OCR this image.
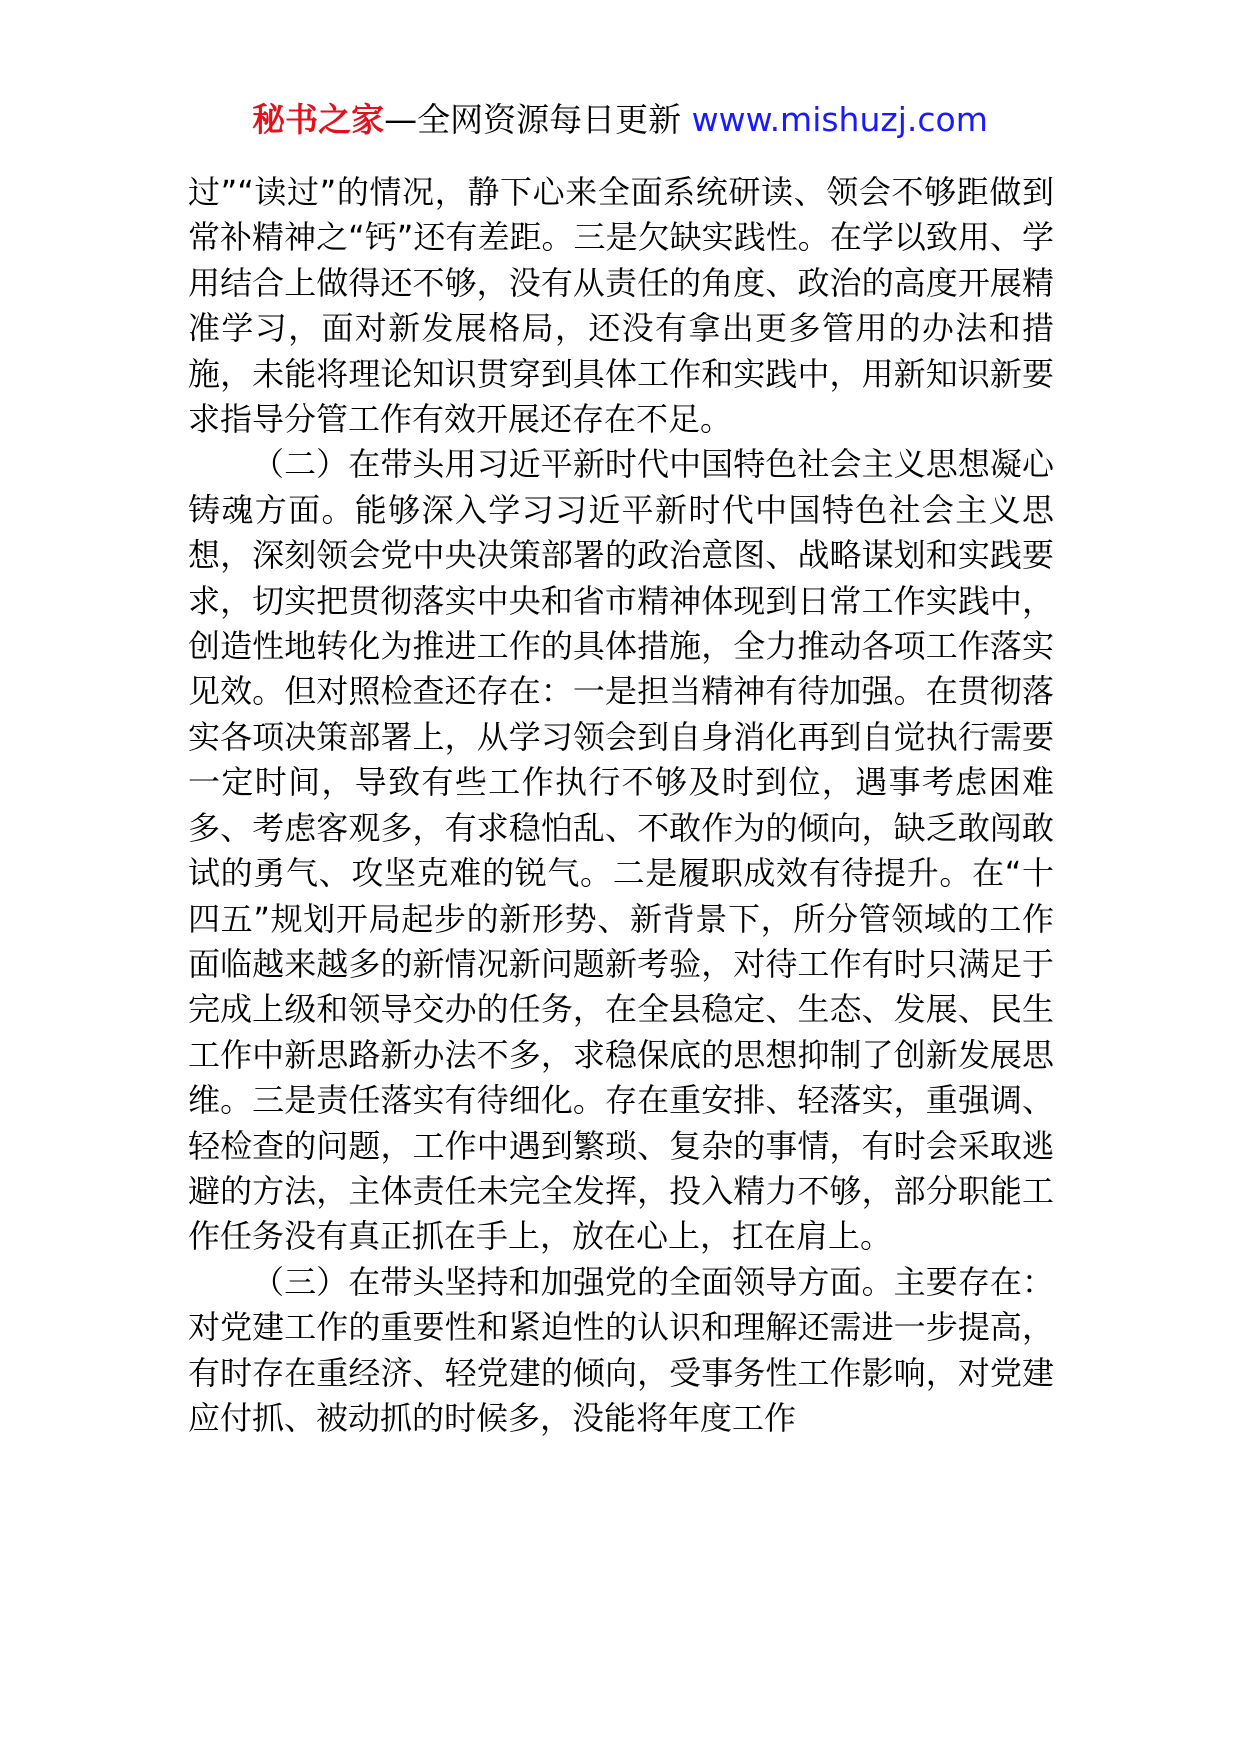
秘书之家—全网资源每日更新 www.mishuzj.com

过”“读过”的情况，静下心来全面系统研读、领会不够距做到常补精神之“钙”还有差距。三是欠缺实践性。在学以致用、学用结合上做得还不够，没有从责任的角度、政治的高度开展精准学习，面对新发展格局，还没有拿出更多管用的办法和措施，未能将理论知识贯穿到具体工作和实践中，用新知识新要求指导分管工作有效开展还存在不足。

（二）在带头用习近平新时代中国特色社会主义思想凝心铸魂方面。能够深入学习习近平新时代中国特色社会主义思想，深刻领会党中央决策部署的政治意图、战略谋划和实践要求，切实把贯彻落实中央和省市精神体现到日常工作实践中，创造性地转化为推进工作的具体措施，全力推动各项工作落实见效。但对照检查还存在：一是担当精神有待加强。在贯彻落实各项决策部署上，从学习领会到自身消化再到自觉执行需要一定时间，导致有些工作执行不够及时到位，遇事考虑困难多、考虑客观多，有求稳怕乱、不敢作为的倾向，缺乏敢闯敢试的勇气、攻坚克难的锐气。二是履职成效有待提升。在“十四五”规划开局起步的新形势、新背景下，所分管领域的工作面临越来越多的新情况新问题新考验，对待工作有时只满足于完成上级和领导交办的任务，在全县稳定、生态、发展、民生工作中新思路新办法不多，求稳保底的思想抑制了创新发展思维。三是责任落实有待细化。存在重安排、轻落实，重强调、轻检查的问题，工作中遇到繁琐、复杂的事情，有时会采取逃避的方法，主体责任未完全发挥，投入精力不够，部分职能工作任务没有真正抓在手上，放在心上，扛在肩上。

（三）在带头坚持和加强党的全面领导方面。主要存在：对党建工作的重要性和紧迫性的认识和理解还需进一步提高，有时存在重经济、轻党建的倾向，受事务性工作影响，对党建应付抓、被动抓的时候多，没能将年度工作
